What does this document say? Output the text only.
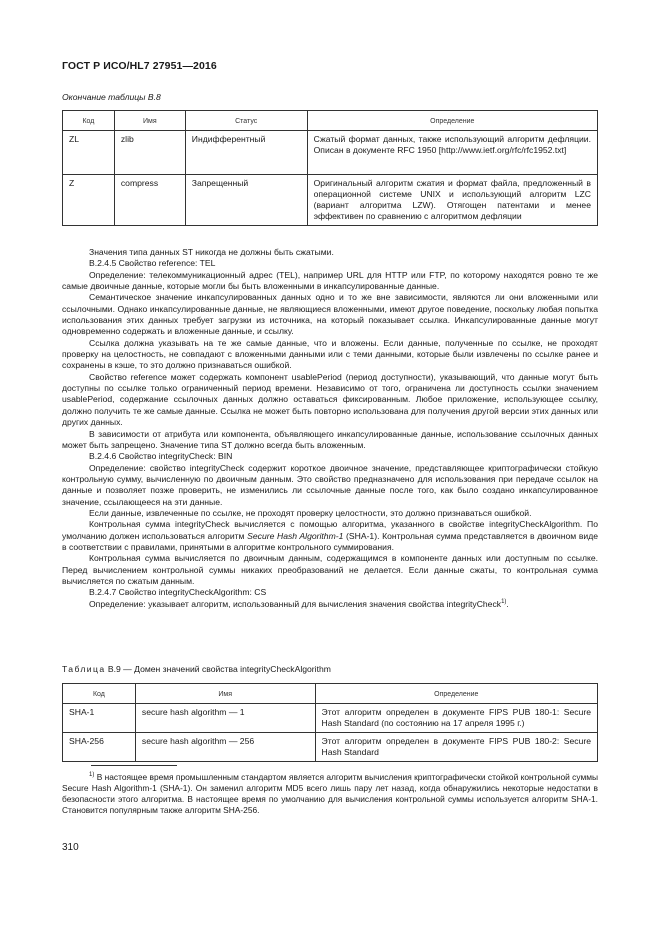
ГОСТ Р ИСО/HL7 27951—2016
Окончание таблицы В.8
Код	Имя	Статус	Определение
ZL	zlib	Индифферентный	Сжатый формат данных, также использующий алгоритм дефляции. Описан в документе RFC 1950 [http://www.ietf.org/rfc/rfc1952.txt]
Z	compress	Запрещенный	Оригинальный алгоритм сжатия и формат файла, предложенный в операционной системе UNIX и использующий алгоритм LZC (вариант алгоритма LZW). Отягощен патентами и менее эффективен по сравнению с алгоритмом дефляции

Значения типа данных ST никогда не должны быть сжатыми.

B.2.4.5 Свойство reference: TEL

Определение: телекоммуникационный адрес (TEL), например URL для HTTP или FTP, по которому находятся ровно те же самые двоичные данные, которые могли бы быть вложенными в инкапсулированные данные.

Семантическое значение инкапсулированных данных одно и то же вне зависимости, являются ли они вложенными или ссылочными. Однако инкапсулированные данные, не являющиеся вложенными, имеют другое поведение, поскольку любая попытка использования этих данных требует загрузки из источника, на который показывает ссылка. Инкапсулированные данные могут одновременно содержать и вложенные данные, и ссылку.

Ссылка должна указывать на те же самые данные, что и вложены. Если данные, полученные по ссылке, не проходят проверку на целостность, не совпадают с вложенными данными или с теми данными, которые были извлечены по ссылке ранее и сохранены в кэше, то это должно признаваться ошибкой.

Свойство reference может содержать компонент usablePeriod (период доступности), указывающий, что данные могут быть доступны по ссылке только ограниченный период времени. Независимо от того, ограничена ли доступность ссылки значением usablePeriod, содержание ссылочных данных должно оставаться фиксированным. Любое приложение, использующее ссылку, должно получить те же самые данные. Ссылка не может быть повторно использована для получения другой версии этих данных или других данных.

В зависимости от атрибута или компонента, объявляющего инкапсулированные данные, использование ссылочных данных может быть запрещено. Значение типа ST должно всегда быть вложенным.

B.2.4.6 Свойство integrityCheck: BIN

Определение: свойство integrityCheck содержит короткое двоичное значение, представляющее криптографически стойкую контрольную сумму, вычисленную по двоичным данным. Это свойство предназначено для использования при передаче ссылок на данные и позволяет позже проверить, не изменились ли ссылочные данные после того, как было создано инкапсулированное значение, ссылающееся на эти данные.

Если данные, извлеченные по ссылке, не проходят проверку целостности, это должно признаваться ошибкой.

Контрольная сумма integrityCheck вычисляется с помощью алгоритма, указанного в свойстве integrityCheckAlgorithm. По умолчанию должен использоваться алгоритм Secure Hash Algorithm-1 (SHA-1). Контрольная сумма представляется в двоичном виде в соответствии с правилами, принятыми в алгоритме контрольного суммирования.

Контрольная сумма вычисляется по двоичным данным, содержащимся в компоненте данных или доступным по ссылке. Перед вычислением контрольной суммы никаких преобразований не делается. Если данные сжаты, то контрольная сумма вычисляется по сжатым данным.

B.2.4.7 Свойство integrityCheckAlgorithm: CS

Определение: указывает алгоритм, использованный для вычисления значения свойства integrityCheck$^{1)}$.

Таблица В.9 — Домен значений свойства integrityCheckAlgorithm
Код	Имя	Определение
SHA-1	secure hash algorithm — 1	Этот алгоритм определен в документе FIPS PUB 180-1: Secure Hash Standard (по состоянию на 17 апреля 1995 г.)
SHA-256	secure hash algorithm — 256	Этот алгоритм определен в документе FIPS PUB 180-2: Secure Hash Standard

$^{1)}$ В настоящее время промышленным стандартом является алгоритм вычисления криптографически стойкой контрольной суммы Secure Hash Algorithm-1 (SHA-1). Он заменил алгоритм MD5 всего лишь пару лет назад, когда обнаружились некоторые недостатки в безопасности этого алгоритма. В настоящее время по умолчанию для вычисления контрольной суммы используется алгоритм SHA-1. Становится популярным также алгоритм SHA-256.

310
